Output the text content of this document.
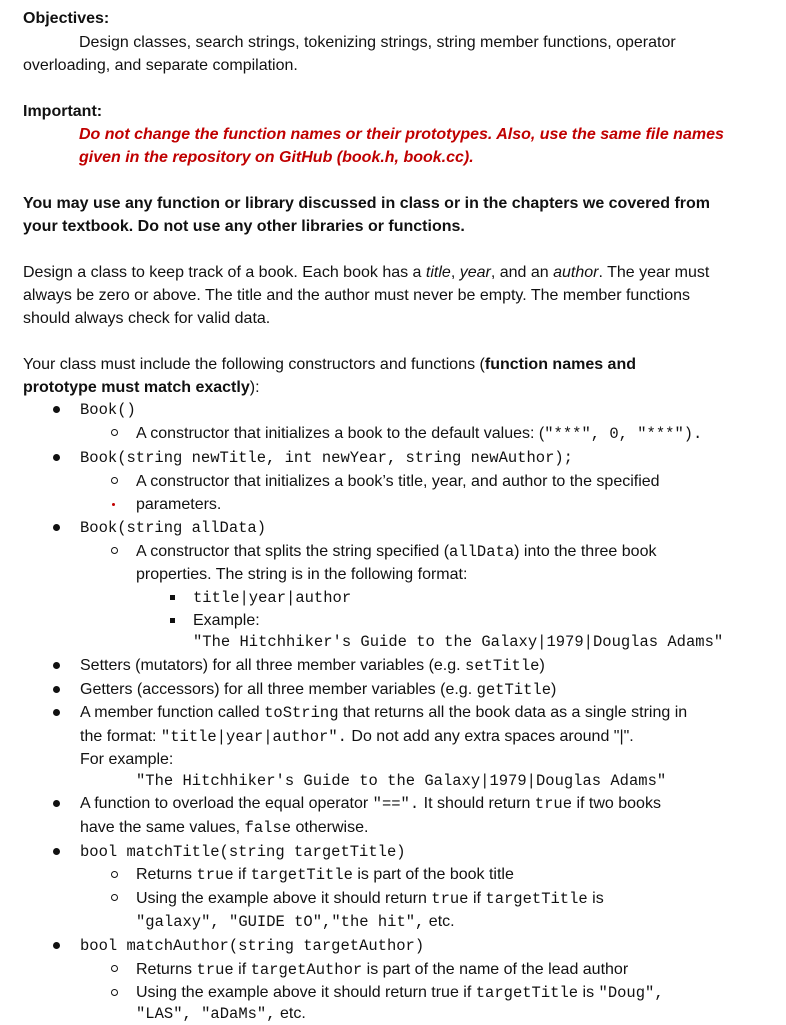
Objectives:
Design classes, search strings, tokenizing strings, string member functions, operator
overloading, and separate compilation.
Important:
Do not change the function names or their prototypes. Also, use the same file names
given in the repository on GitHub (book.h, book.cc).
You may use any function or library discussed in class or in the chapters we covered from
your textbook. Do not use any other libraries or functions.
Design a class to keep track of a book. Each book has a title, year, and an author. The year must
always be zero or above. The title and the author must never be empty. The member functions
should always check for valid data.
Your class must include the following constructors and functions (function names and
prototype must match exactly):
Book()
A constructor that initializes a book to the default values: ("***", 0, "***").
Book(string newTitle, int newYear, string newAuthor);
A constructor that initializes a book’s title, year, and author to the specified
parameters.
Book(string allData)
A constructor that splits the string specified (allData) into the three book
properties. The string is in the following format:
title|year|author
Example:
"The Hitchhiker's Guide to the Galaxy|1979|Douglas Adams"
Setters (mutators) for all three member variables (e.g. setTitle)
Getters (accessors) for all three member variables (e.g. getTitle)
A member function called toString that returns all the book data as a single string in
the format: "title|year|author". Do not add any extra spaces around "|".
For example:
"The Hitchhiker's Guide to the Galaxy|1979|Douglas Adams"
A function to overload the equal operator "==". It should return true if two books
have the same values, false otherwise.
bool matchTitle(string targetTitle)
Returns true if targetTitle is part of the book title
Using the example above it should return true if targetTitle is
"galaxy", "GUIDE tO","the hit", etc.
bool matchAuthor(string targetAuthor)
Returns true if targetAuthor is part of the name of the lead author
Using the example above it should return true if targetTitle is "Doug",
"LAS", "aDaMs", etc.
